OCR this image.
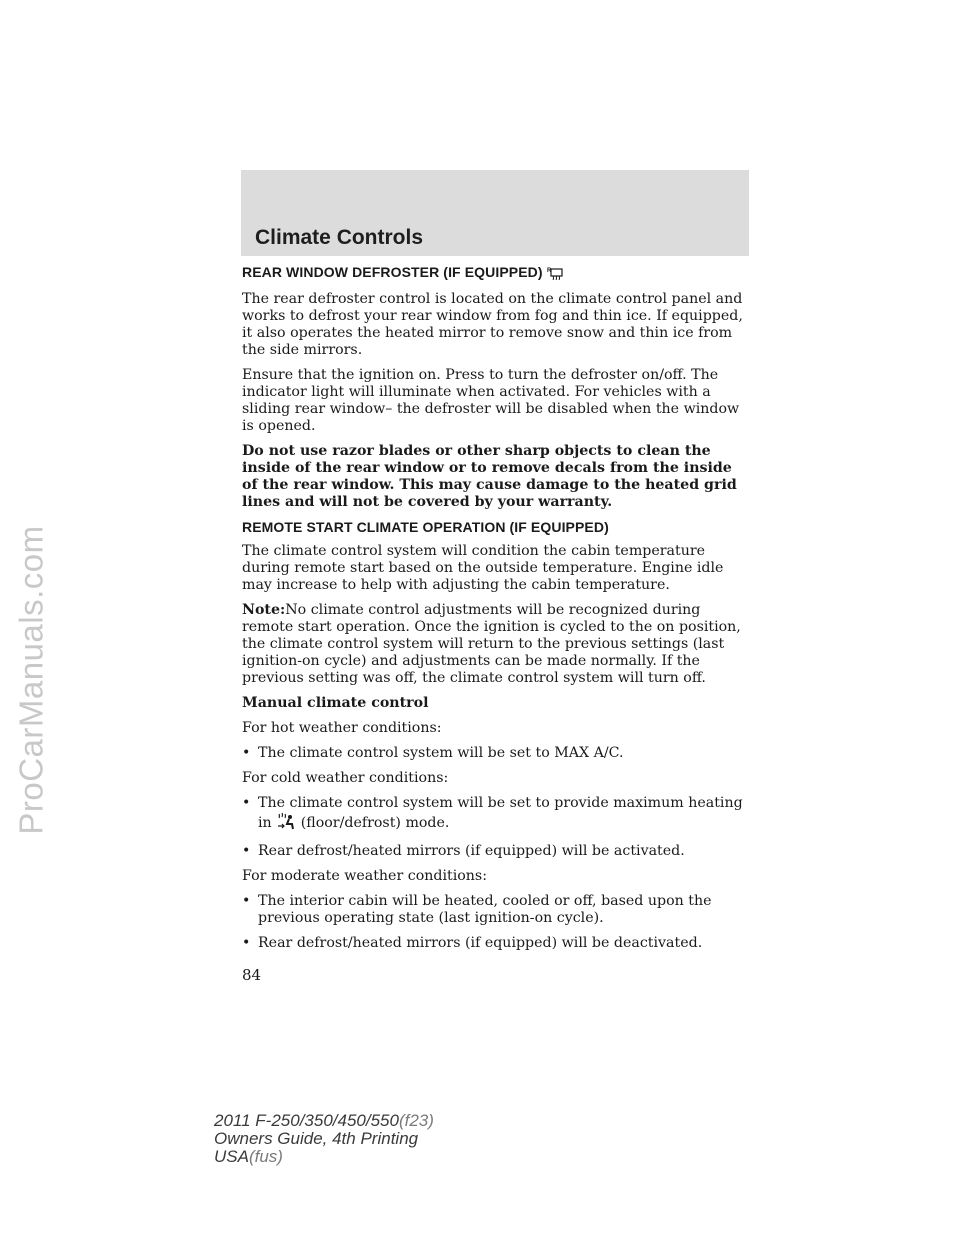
ProCarManuals.com
Climate Controls
REAR WINDOW DEFROSTER (IF EQUIPPED) R

The rear defroster control is located on the climate control panel and works to defrost your rear window from fog and thin ice. If equipped, it also operates the heated mirror to remove snow and thin ice from the side mirrors.

Ensure that the ignition on. Press to turn the defroster on/off. The indicator light will illuminate when activated. For vehicles with a sliding rear window– the defroster will be disabled when the window is opened.

Do not use razor blades or other sharp objects to clean the inside of the rear window or to remove decals from the inside of the rear window. This may cause damage to the heated grid lines and will not be covered by your warranty.

REMOTE START CLIMATE OPERATION (IF EQUIPPED)

The climate control system will condition the cabin temperature during remote start based on the outside temperature. Engine idle may increase to help with adjusting the cabin temperature.

Note:No climate control adjustments will be recognized during remote start operation. Once the ignition is cycled to the on position, the climate control system will return to the previous settings (last ignition-on cycle) and adjustments can be made normally. If the previous setting was off, the climate control system will turn off.

Manual climate control

For hot weather conditions:

• The climate control system will be set to MAX A/C.

For cold weather conditions:

• The climate control system will be set to provide maximum heating
in (floor/defrost) mode.
• Rear defrost/heated mirrors (if equipped) will be activated.

For moderate weather conditions:

• The interior cabin will be heated, cooled or off, based upon the previous operating state (last ignition-on cycle).
• Rear defrost/heated mirrors (if equipped) will be deactivated.
84
2011 F-250/350/450/550(f23)
Owners Guide, 4th Printing
USA(fus)
